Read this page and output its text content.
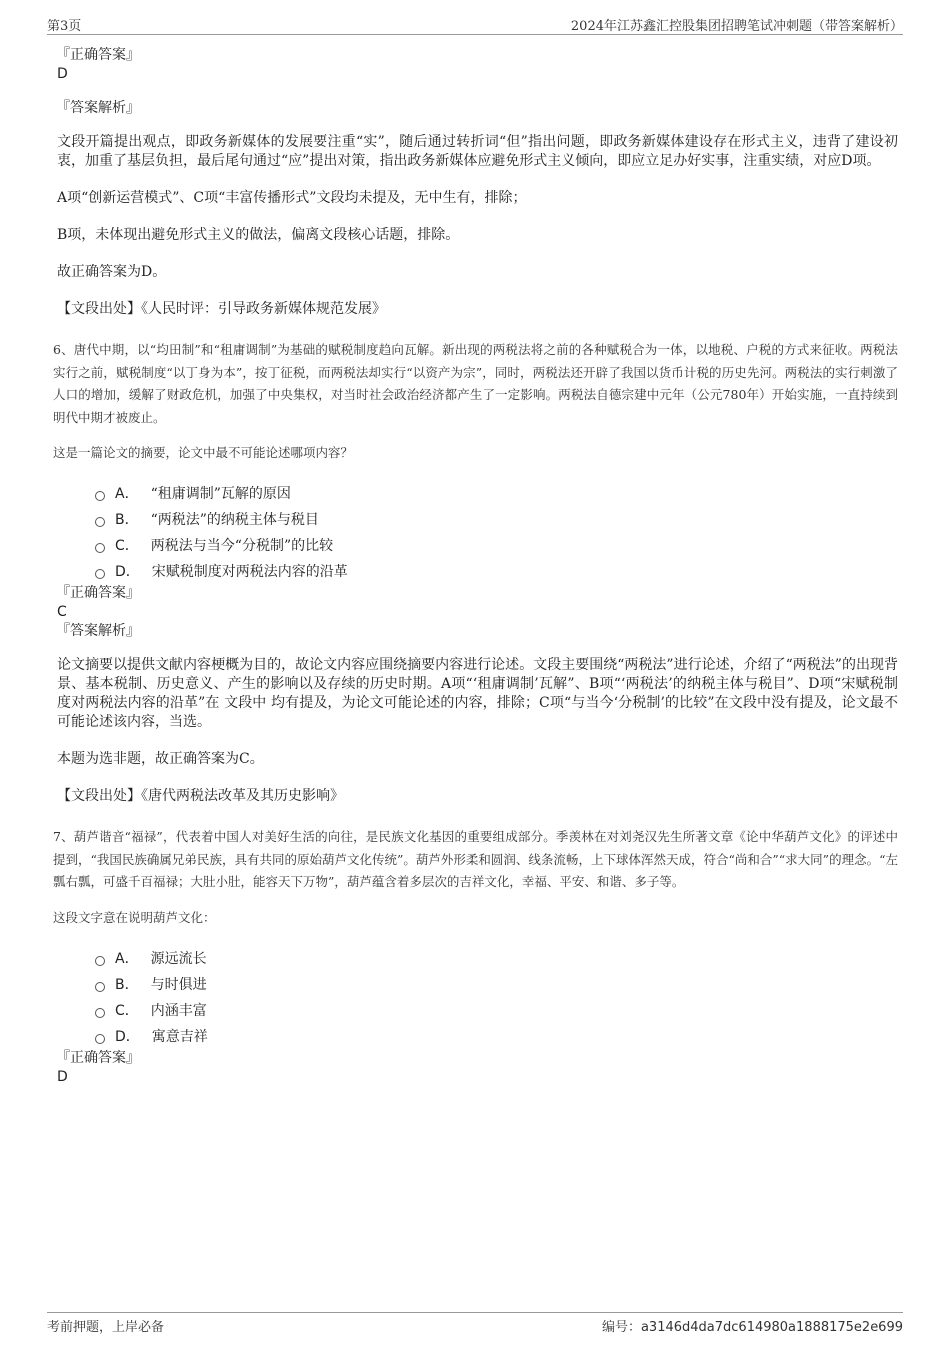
第3页	2024年江苏鑫汇控股集团招聘笔试冲刺题（带答案解析）
『正确答案』
D
『答案解析』

文段开篇提出观点，即政务新媒体的发展要注重“实”，随后通过转折词“但”指出问题，即政务新媒体建设存在形式主义，违背了建设初衷，加重了基层负担，最后尾句通过“应”提出对策，指出政务新媒体应避免形式主义倾向，即应立足办好实事，注重实绩，对应D项。

A项“创新运营模式”、C项“丰富传播形式”文段均未提及，无中生有，排除；

B项，未体现出避免形式主义的做法，偏离文段核心话题，排除。

故正确答案为D。

【文段出处】《人民时评：引导政务新媒体规范发展》

6、唐代中期，以“均田制”和“租庸调制”为基础的赋税制度趋向瓦解。新出现的两税法将之前的各种赋税合为一体，以地税、户税的方式来征收。两税法实行之前，赋税制度“以丁身为本”，按丁征税，而两税法却实行“以资产为宗”，同时，两税法还开辟了我国以货币计税的历史先河。两税法的实行刺激了人口的增加，缓解了财政危机，加强了中央集权，对当时社会政治经济都产生了一定影响。两税法自德宗建中元年（公元780年）开始实施，一直持续到明代中期才被废止。

这是一篇论文的摘要，论文中最不可能论述哪项内容？

A． “租庸调制”瓦解的原因
B． “两税法”的纳税主体与税目
C． 两税法与当今“分税制”的比较
D． 宋赋税制度对两税法内容的沿革
『正确答案』
C
『答案解析』

论文摘要以提供文献内容梗概为目的，故论文内容应围绕摘要内容进行论述。文段主要围绕“两税法”进行论述，介绍了“两税法”的出现背景、基本税制、历史意义、产生的影响以及存续的历史时期。A项“‘租庸调制’瓦解”、B项“‘两税法’的纳税主体与税目”、D项“宋赋税制度对两税法内容的沿革”在 文段中 均有提及，为论文可能论述的内容，排除；C项“与当今‘分税制’的比较”在文段中没有提及，论文最不可能论述该内容，当选。

本题为选非题，故正确答案为C。

【文段出处】《唐代两税法改革及其历史影响》

7、葫芦谐音“福禄”，代表着中国人对美好生活的向往，是民族文化基因的重要组成部分。季羡林在对刘尧汉先生所著文章《论中华葫芦文化》的评述中提到，“我国民族确属兄弟民族，具有共同的原始葫芦文化传统”。葫芦外形柔和圆润、线条流畅，上下球体浑然天成，符合“尚和合”“求大同”的理念。“左瓢右瓢，可盛千百福禄；大肚小肚，能容天下万物”，葫芦蕴含着多层次的吉祥文化，幸福、平安、和谐、多子等。

这段文字意在说明葫芦文化：

A． 源远流长
B． 与时俱进
C． 内涵丰富
D． 寓意吉祥
『正确答案』
D
考前押题，上岸必备	编号：a3146d4da7dc614980a1888175e2e699
